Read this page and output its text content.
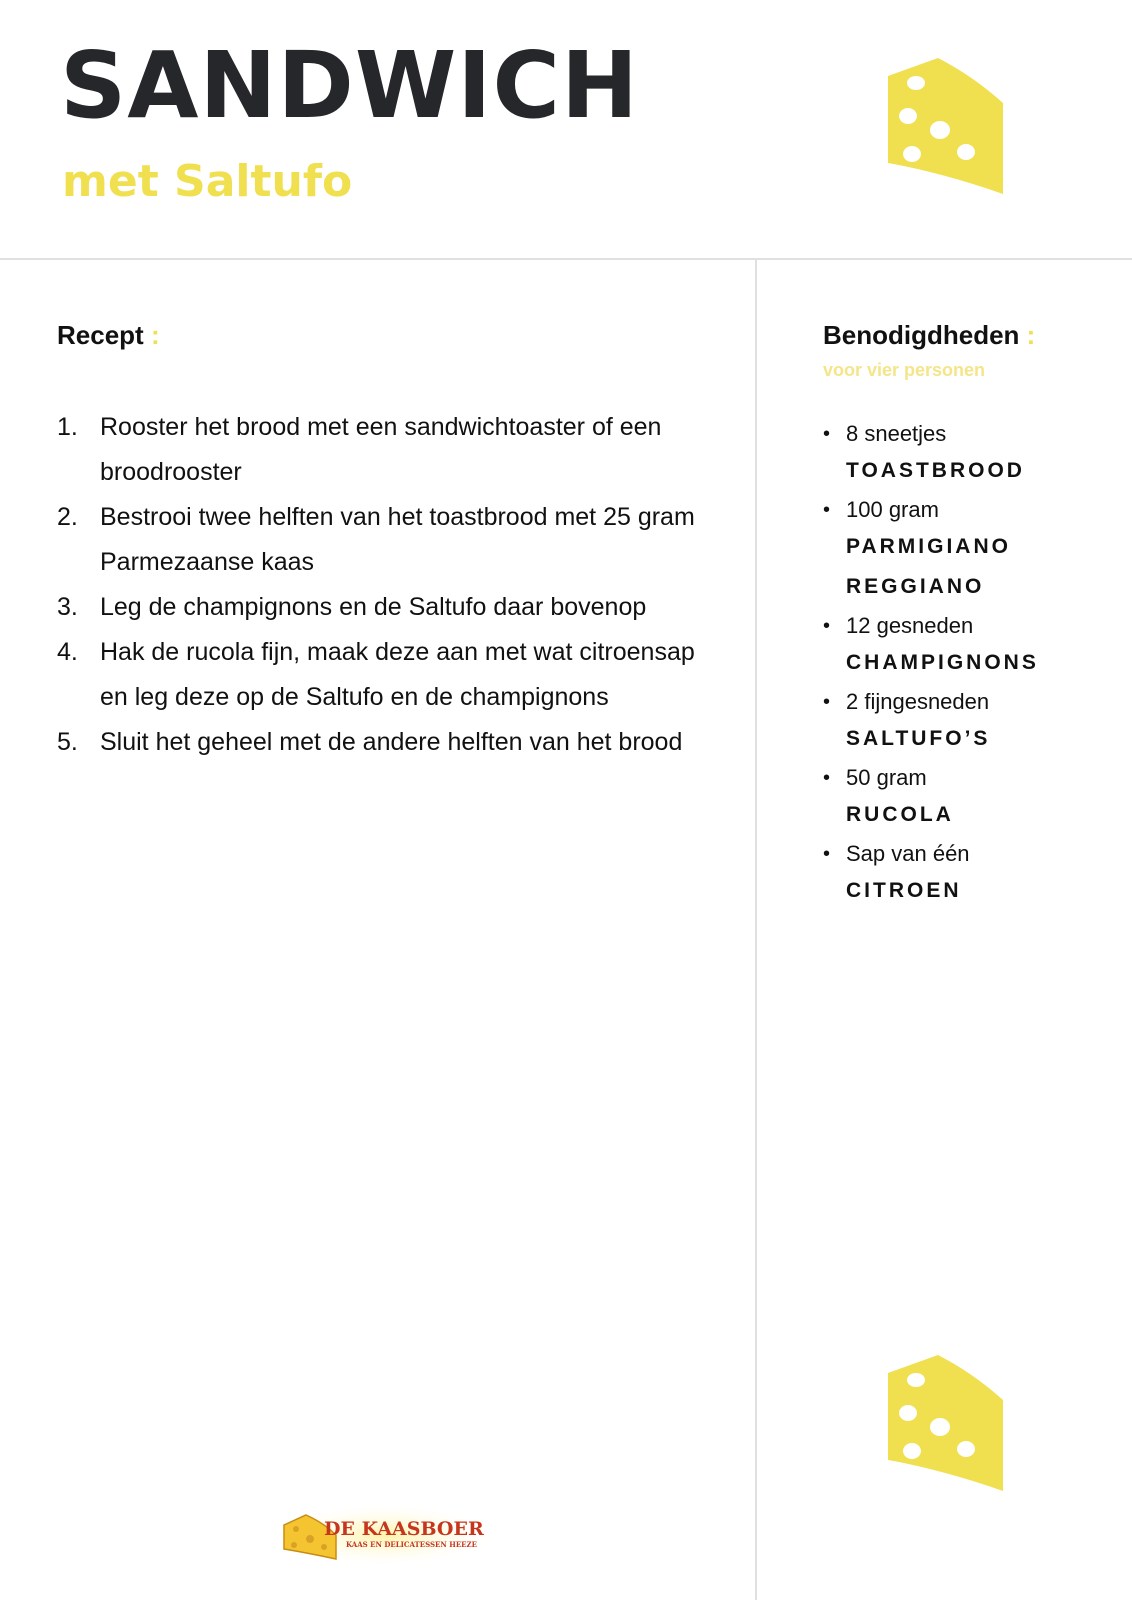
SANDWICH
met Saltufo
Recept :
1. Rooster het brood met een sandwichtoaster of een broodrooster
2. Bestrooi twee helften van het toastbrood met 25 gram Parmezaanse kaas
3. Leg de champignons en de Saltufo daar bovenop
4. Hak de rucola fijn, maak deze aan met wat citroensap en leg deze op de Saltufo en de champignons
5. Sluit het geheel met de andere helften van het brood
Benodigdheden :
voor vier personen
• 8 sneetjes
TOASTBROOD
• 100 gram
PARMIGIANO REGGIANO
• 12 gesneden
CHAMPIGNONS
• 2 fijngesneden
SALTUFO’S
• 50 gram
RUCOLA
• Sap van één
CITROEN
DE KAASBOER
KAAS EN DELICATESSEN HEEZE
